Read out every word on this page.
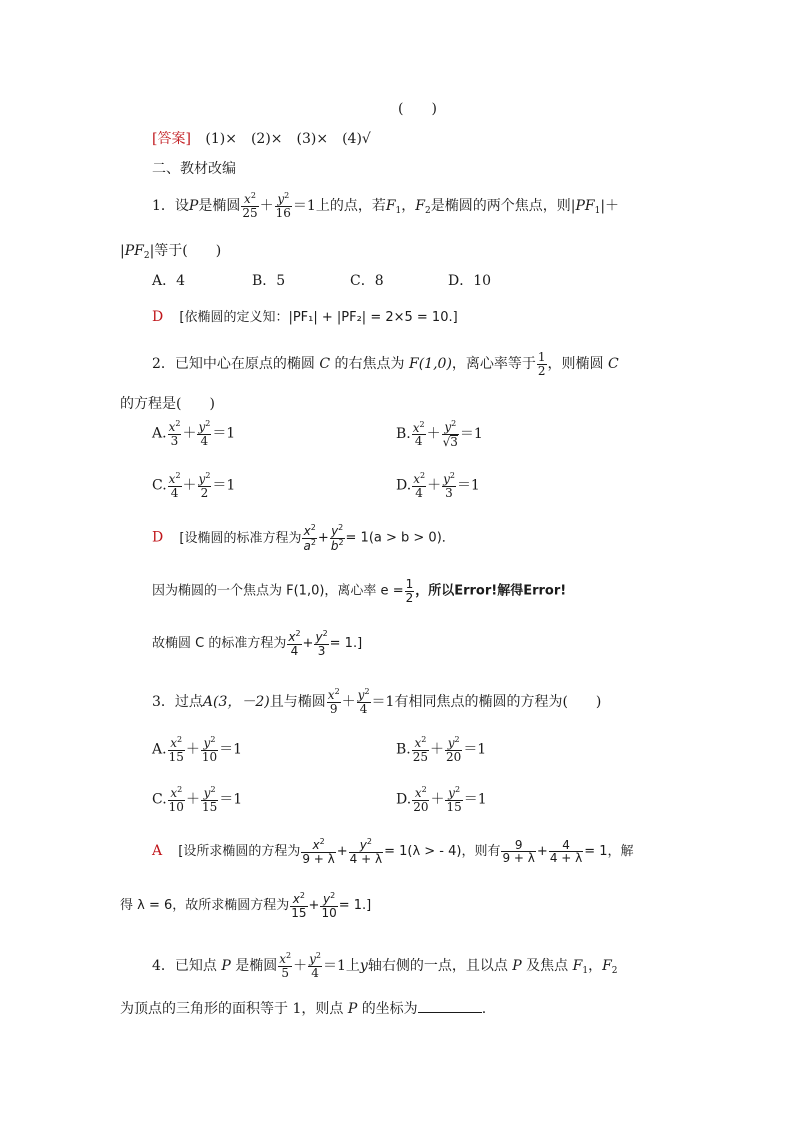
(　　)
[答案] (1)×　(2)×　(3)×　(4)√
二、教材改编
1．设P是椭圆 $\frac{x^2}{25} + \frac{y^2}{16} =1$上的点，若$F_1$，$F_2$是椭圆的两个焦点，则$|PF_1|+$
$|PF_2|$等于(　　)
A．4	B．5	C．8	D．10
D [依椭圆的定义知：|PF₁| + |PF₂| = 2×5 = 10.]
2．已知中心在原点的椭圆 C 的右焦点为 F(1,0)，离心率等于 $\frac{1}{2}$ ，则椭圆 C
的方程是(　　)
A. $\frac{x^2}{3} + \frac{y^2}{4} =1$	B. $\frac{x^2}{4} + \frac{y^2}{√3} =1$
C. $\frac{x^2}{4} + \frac{y^2}{2} =1$	D. $\frac{x^2}{4} + \frac{y^2}{3} =1$
D [设椭圆的标准方程为 $\frac{x^2}{a^2} + \frac{y^2}{b^2} = 1(a > b > 0)$．
因为椭圆的一个焦点为 F(1,0)，离心率 $e = \frac{1}{2}$ ，所以Error!解得Error!
故椭圆 C 的标准方程为 $\frac{x^2}{4} + \frac{y^2}{3} = 1$.]
3．过点A(3，－2)且与椭圆 $\frac{x^2}{9} + \frac{y^2}{4} =1$有相同焦点的椭圆的方程为(　　)
A. $\frac{x^2}{15} + \frac{y^2}{10} =1$	B. $\frac{x^2}{25} + \frac{y^2}{20} =1$
C. $\frac{x^2}{10} + \frac{y^2}{15} =1$	D. $\frac{x^2}{20} + \frac{y^2}{15} =1$
A [设所求椭圆的方程为 $\frac{x^2}{9 + \lambda} + \frac{y^2}{4 + \lambda} = 1(\lambda$ > - 4)，则有 $\frac{9}{9 + \lambda} + \frac{4}{4 + \lambda} = 1$，解
得 λ = 6，故所求椭圆方程为 $\frac{x^2}{15} + \frac{y^2}{10} = 1$.]
4．已知点 P 是椭圆 $\frac{x^2}{5} + \frac{y^2}{4} =1$上y轴右侧的一点，且以点 P 及焦点 $F_1$，$F_2$
为顶点的三角形的面积等于 1，则点 P 的坐标为	.
